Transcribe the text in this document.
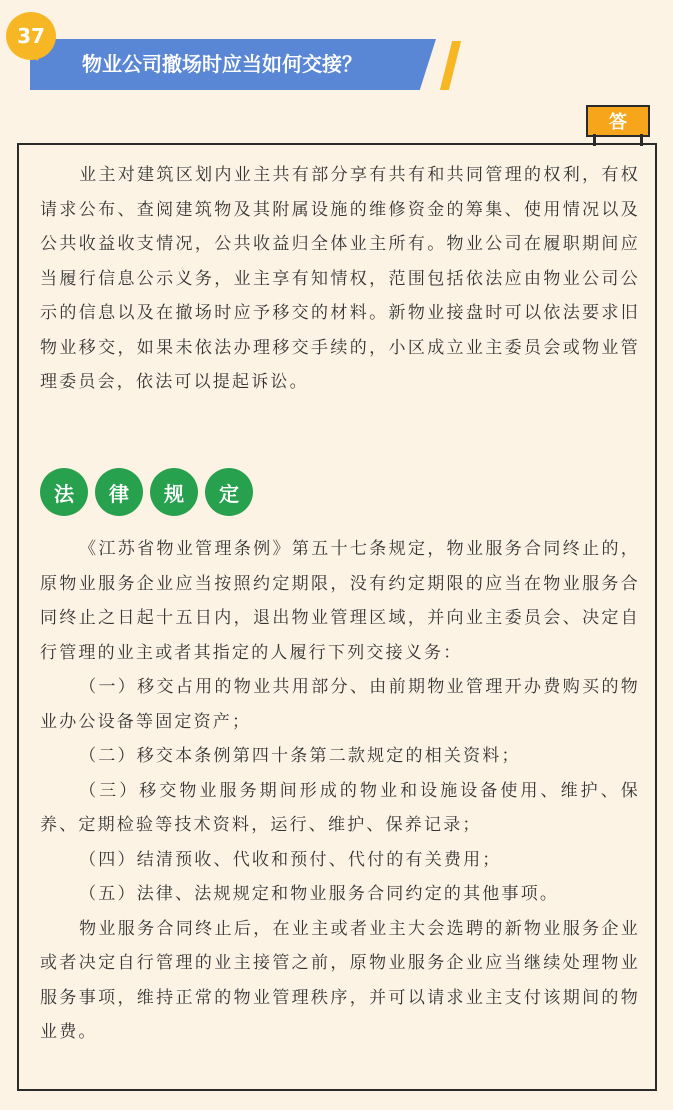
37
物业公司撤场时应当如何交接？
答

业主对建筑区划内业主共有部分享有共有和共同管理的权利，有权请求公布、查阅建筑物及其附属设施的维修资金的筹集、使用情况以及公共收益收支情况，公共收益归全体业主所有。物业公司在履职期间应当履行信息公示义务，业主享有知情权，范围包括依法应由物业公司公示的信息以及在撤场时应予移交的材料。新物业接盘时可以依法要求旧物业移交，如果未依法办理移交手续的，小区成立业主委员会或物业管理委员会，依法可以提起诉讼。

法	律	规	定

《江苏省物业管理条例》第五十七条规定，物业服务合同终止的，原物业服务企业应当按照约定期限，没有约定期限的应当在物业服务合同终止之日起十五日内，退出物业管理区域，并向业主委员会、决定自行管理的业主或者其指定的人履行下列交接义务：

（一）移交占用的物业共用部分、由前期物业管理开办费购买的物业办公设备等固定资产；

（二）移交本条例第四十条第二款规定的相关资料；

（三）移交物业服务期间形成的物业和设施设备使用、维护、保养、定期检验等技术资料，运行、维护、保养记录；

（四）结清预收、代收和预付、代付的有关费用；

（五）法律、法规规定和物业服务合同约定的其他事项。

物业服务合同终止后，在业主或者业主大会选聘的新物业服务企业或者决定自行管理的业主接管之前，原物业服务企业应当继续处理物业服务事项，维持正常的物业管理秩序，并可以请求业主支付该期间的物业费。
